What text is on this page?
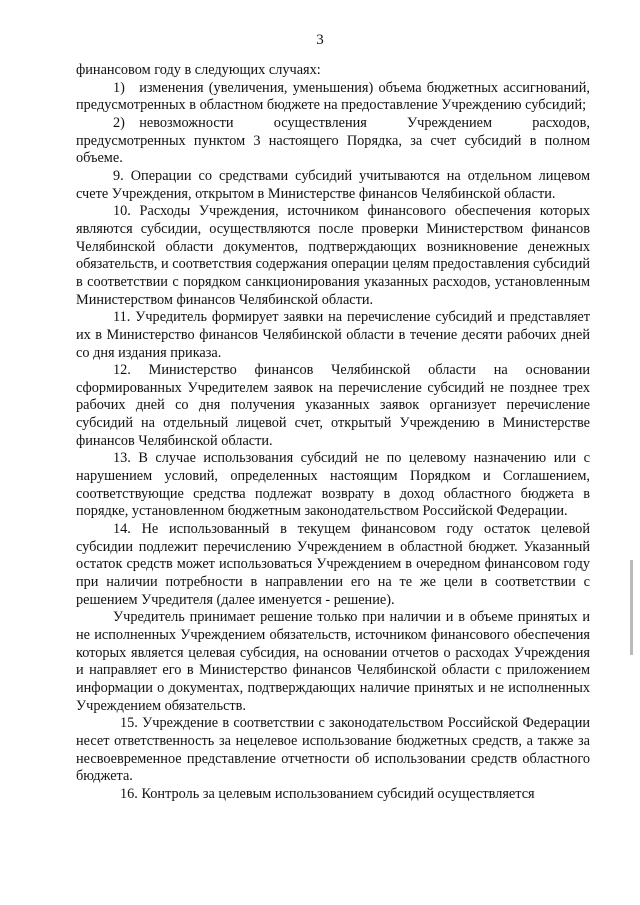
3

финансовом году в следующих случаях:

1) изменения (увеличения, уменьшения) объема бюджетных ассигнований, предусмотренных в областном бюджете на предоставление Учреждению субсидий;

2) невозможности осуществления Учреждением расходов, предусмотренных пунктом 3 настоящего Порядка, за счет субсидий в полном объеме.

9. Операции со средствами субсидий учитываются на отдельном лицевом счете Учреждения, открытом в Министерстве финансов Челябинской области.

10. Расходы Учреждения, источником финансового обеспечения которых являются субсидии, осуществляются после проверки Министерством финансов Челябинской области документов, подтверждающих возникновение денежных обязательств, и соответствия содержания операции целям предоставления субсидий в соответствии с порядком санкционирования указанных расходов, установленным Министерством финансов Челябинской области.

11. Учредитель формирует заявки на перечисление субсидий и представляет их в Министерство финансов Челябинской области в течение десяти рабочих дней со дня издания приказа.

12. Министерство финансов Челябинской области на основании сформированных Учредителем заявок на перечисление субсидий не позднее трех рабочих дней со дня получения указанных заявок организует перечисление субсидий на отдельный лицевой счет, открытый Учреждению в Министерстве финансов Челябинской области.

13. В случае использования субсидий не по целевому назначению или с нарушением условий, определенных настоящим Порядком и Соглашением, соответствующие средства подлежат возврату в доход областного бюджета в порядке, установленном бюджетным законодательством Российской Федерации.

14. Не использованный в текущем финансовом году остаток целевой субсидии подлежит перечислению Учреждением в областной бюджет. Указанный остаток средств может использоваться Учреждением в очередном финансовом году при наличии потребности в направлении его на те же цели в соответствии с решением Учредителя (далее именуется - решение).

Учредитель принимает решение только при наличии и в объеме принятых и не исполненных Учреждением обязательств, источником финансового обеспечения которых является целевая субсидия, на основании отчетов о расходах Учреждения и направляет его в Министерство финансов Челябинской области с приложением информации о документах, подтверждающих наличие принятых и не исполненных Учреждением обязательств.

15. Учреждение в соответствии с законодательством Российской Федерации несет ответственность за нецелевое использование бюджетных средств, а также за несвоевременное представление отчетности об использовании средств областного бюджета.

16. Контроль за целевым использованием субсидий осуществляется
